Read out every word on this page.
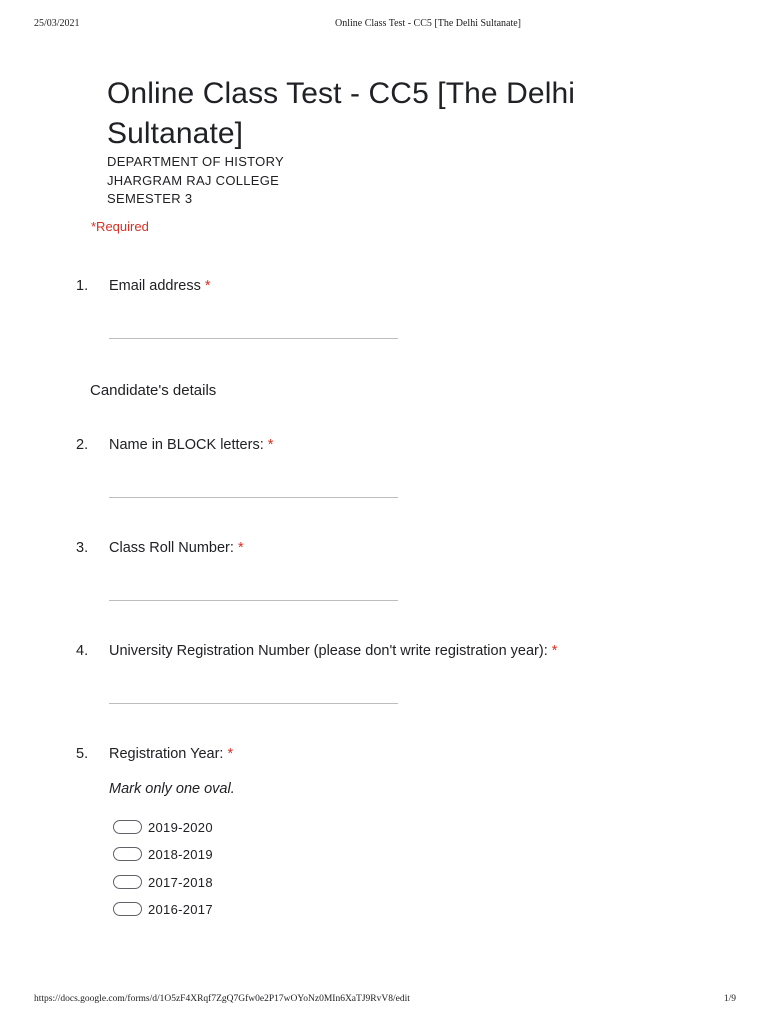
25/03/2021	Online Class Test - CC5 [The Delhi Sultanate]
Online Class Test - CC5 [The Delhi Sultanate]
DEPARTMENT OF HISTORY
JHARGRAM RAJ COLLEGE
SEMESTER 3
*Required
1. Email address *
Candidate's details
2. Name in BLOCK letters: *
3. Class Roll Number: *
4. University Registration Number (please don't write registration year): *
5. Registration Year: *
Mark only one oval.
2019-2020
2018-2019
2017-2018
2016-2017
https://docs.google.com/forms/d/1O5zF4XRqf7ZgQ7Gfw0e2P17wOYoNz0MIn6XaTJ9RvV8/edit	1/9
